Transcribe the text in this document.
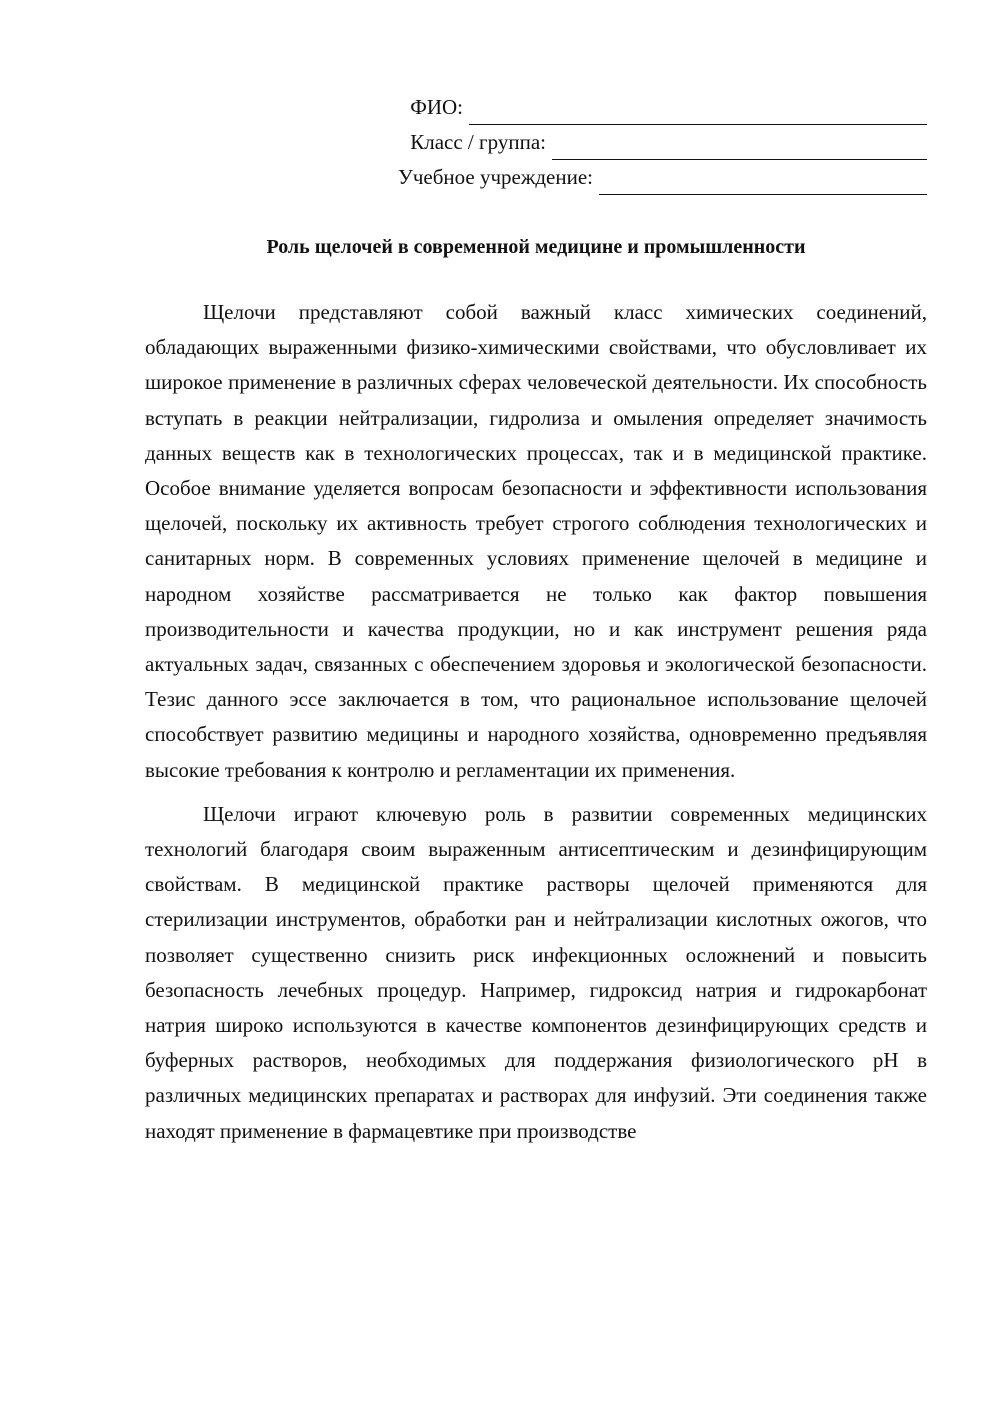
ФИО:
Класс / группа:
Учебное учреждение:
Роль щелочей в современной медицине и промышленности

Щелочи представляют собой важный класс химических соединений, обладающих выраженными физико-химическими свойствами, что обусловливает их широкое применение в различных сферах человеческой деятельности. Их способность вступать в реакции нейтрализации, гидролиза и омыления определяет значимость данных веществ как в технологических процессах, так и в медицинской практике. Особое внимание уделяется вопросам безопасности и эффективности использования щелочей, поскольку их активность требует строгого соблюдения технологических и санитарных норм. В современных условиях применение щелочей в медицине и народном хозяйстве рассматривается не только как фактор повышения производительности и качества продукции, но и как инструмент решения ряда актуальных задач, связанных с обеспечением здоровья и экологической безопасности. Тезис данного эссе заключается в том, что рациональное использование щелочей способствует развитию медицины и народного хозяйства, одновременно предъявляя высокие требования к контролю и регламентации их применения.

Щелочи играют ключевую роль в развитии современных медицинских технологий благодаря своим выраженным антисептическим и дезинфицирующим свойствам. В медицинской практике растворы щелочей применяются для стерилизации инструментов, обработки ран и нейтрализации кислотных ожогов, что позволяет существенно снизить риск инфекционных осложнений и повысить безопасность лечебных процедур. Например, гидроксид натрия и гидрокарбонат натрия широко используются в качестве компонентов дезинфицирующих средств и буферных растворов, необходимых для поддержания физиологического pH в различных медицинских препаратах и растворах для инфузий. Эти соединения также находят применение в фармацевтике при производстве
